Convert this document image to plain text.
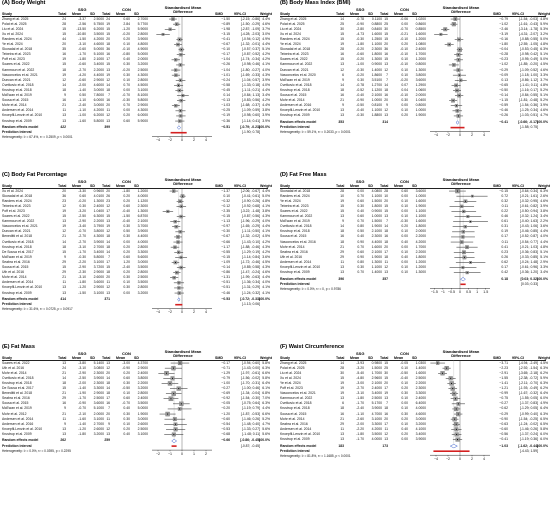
(A) Body Weight
SSG	CON	Standardised Mean Difference
Study	Total Mean SD Total Mean SD	SMD	95%-CI	Weight
Zhang et al. 2025	24	-3.37	2.5000 24	0.60	2.7000	−1.50	[-2.15; -0.86] 4.4%
Polat et al. 2025	28	-2.56	5.7500 19	2.84	5.7700	−0.89	[-1.50; -0.29] 4.6%
Liu et al. 2024	15	-13.50	6.2000 15	-1.20	5.9000	−1.98	[-2.87; -1.09] 3.7%
Xu et al. 2024	15	-10.80	3.5000 15	-0.20	2.8000	−3.15	[-4.28; -2.03] 3.0%
Randers et al. 2024	44	-1.50	4.2000 20	0.20	3.9000	−0.41	[-0.94; 0.12] 4.9%
Ye et al. 2024	20	-3.10	4.6000 18	0.10	4.8000	−0.67	[-1.32; -0.01] 4.4%
Skoradal et al. 2018	35	-0.60	5.0000 36	-0.10	4.9000	−0.10	[-0.57; 0.37] 5.1%
Teixeira et al. 2023	16	-1.70	5.1000 16	-0.80	5.0000	−0.17	[-0.87; 0.52] 4.2%
Poff et al. 2023	19	-1.80	2.1000 17	0.40	2.0000	−1.04	[-1.74; -0.34] 4.2%
Soares et al. 2022	15	-0.60	3.4000 15	0.30	3.2000	−0.26	[-0.98; 0.46] 4.1%
Kammoun et al. 2022	18	-2.70	2.2000 13	-0.20	2.5000	−1.04	[-1.80; -0.27] 4.0%
Vasconcelos et al. 2021	19	-4.20	4.4000 19	0.30	4.3000	−1.01	[-1.69; -0.33] 4.3%
Duncan et al. 2021	12	-0.60	2.9000 12	0.10	2.8000	−0.24	[-1.04; 0.57] 3.9%
Cvetkovic et al. 2018	14	-2.00	4.6000 14	0.70	4.5000	−0.58	[-1.33; 0.18] 4.0%
Krustrup et al. 2018	18	-1.40	3.0000 18	0.00	3.1000	−0.45	[-1.11; 0.21] 4.4%
McEwan et al. 2019	9	0.50	7.8000	7	-0.70	8.1000	0.14	[-0.84; 1.13] 3.4%
Sousa et al. 2015	16	-1.10	6.0000 16	-0.30	5.8000	−0.13	[-0.83; 0.56] 4.2%
Mohr et al. 2014	21	-2.40	3.0000 20	0.70	2.9000	−1.03	[-1.68; -0.37] 4.4%
Andersen et al. 2014	11	-1.10	4.2000 11	0.00	4.3000	−0.25	[-1.09; 0.59] 3.8%
Knoepfli-Lenzin et al. 2010	13	-1.00	6.2000 12	0.20	6.0000	−0.19	[-0.98; 0.60] 3.9%
Krustrup et al. 2009	13	-1.60	5.8000 13	0.60	5.9000	−0.36	[-1.14; 0.41] 3.9%
Random effects model	422	399	−0.51	[-0.79; -0.23]
100.0%
Prediction interval	[-1.90; 0.78]
−4	−2	0	2	4
Heterogeneity: I² = 67.4%, τ² = 0.2509, p < 0.0001
(B) Body Mass Index (BMI)
SSG	CON	Standardised Mean Difference
Study	Total Mean SD Total Mean SD	SMD	95%-CI	Weight
Zhang et al. 2025	14	-0.78	0.1100 15	-0.06	1.0200	−0.79	[-1.54; -0.03] 4.8%
Polat et al. 2025	25	-0.90	0.8800 25	0.00	0.8600	−1.02	[-1.61; -0.43] 5.9%
Liu et al. 2024	30	-2.80	0.8400 30	-0.70	0.8500	−2.46	[-3.14; -1.78] 5.3%
Xu et al. 2024	15	-4.73	1.6000 15	-0.21	1.6000	−3.19	[-4.31; -2.07] 3.2%
Randers et al. 2024	15	-0.30	1.2500 15	-0.10	1.2000	−0.16	[-0.88; 0.55] 5.0%
Ye et al. 2024	19	-1.80	1.1000 20	0.20	1.0800	−1.80	[-2.55; -1.05] 4.8%
Skoradal et al. 2018	28	-0.20	2.3000 36	-0.10	2.4000	−0.04	[-0.53; 0.45] 6.3%
Teixeira et al. 2023	16	-0.60	1.8000 16	-0.10	1.7000	−0.28	[-0.98; 0.42] 5.1%
Soares et al. 2022	15	-0.20	1.3000 15	0.10	1.2000	−0.23	[-0.95; 0.49] 5.0%
Kammoun et al. 2022	13	-1.00	0.9000 13	-0.10	0.8000	−1.02	[-1.85; -0.20] 4.5%
Duncan et al. 2021	12	-0.30	1.4000 12	0.10	1.3000	−0.29	[-1.09; 0.52] 4.6%
Vasconcelos et al. 2020	6	-0.20	1.8600	7	0.10	3.8000	−0.09	[-1.18; 1.00] 3.3%
McEwan et al. 2019	9	0.30	3.5100	7	-0.20	3.6000	0.13	[-0.86; 1.12] 3.7%
Cvetkovic et al. 2018	14	-0.78	1.2700 14	0.07	1.2900	−0.65	[-1.41; 0.11] 4.8%
Krustrup et al. 2018	18	-0.52	1.1200 18	0.04	1.0600	−0.50	[-1.16; 0.17] 5.2%
Sousa et al. 2015	16	-0.40	2.1000 16	-0.10	2.0000	−0.14	[-0.84; 0.55] 5.1%
Mohr et al. 2014	21	-0.90	1.0000 20	0.30	1.0400	−1.15	[-1.81; -0.48] 5.2%
Andersen et al. 2016	9	-0.50	0.8100	9	0.00	0.8000	−0.59	[-1.54; 0.36] 3.9%
Knoepfli-Lenzin et al. 2010	13	-0.40	1.1000 12	0.10	1.0000	−0.46	[-1.25; 0.34] 4.6%
Krustrup et al. 2009	13	-0.30	1.8800 13	0.20	1.9000	−0.26	[-1.03; 0.51] 4.7%
Random effects model	353	314	−0.41	[-0.66; -0.17]
100.0%
Prediction interval	[-1.58; 0.75]
−4	−2	0	2	4
Heterogeneity: I² = 59.1%, τ² = 0.2033, p = 0.0001
(C) Body Fat Percentage
SSG	CON	Standardised Mean Difference
Study	Total Mean SD Total Mean SD	SMD	95%-CI	Weight
Xu et al. 2024	20	-3.30	0.9600 20	-1.80	1.2000	−1.37	[-2.06; -0.67] 4.4%
Skoradal et al. 2018	36	0.60	4.0100 26	0.20	4.0000	0.10	[-0.41; 0.61] 5.0%
Randers et al. 2024	23	-0.20	1.3000 23	0.20	1.1200	−0.32	[-0.90; 0.26] 4.8%
Teixeira et al. 2023	12	0.30	2.4000 12	0.60	2.3000	−0.12	[-0.92; 0.68] 4.1%
Poff et al. 2023	19	-3.20	1.0400 17	-0.40	1.3000	−2.35	[-3.22; -1.48] 3.8%
Soares et al. 2022	15	-2.50	6.3000 15	-1.50	6.8700	−0.15	[-0.87; 0.56] 4.3%
Kammoun et al. 2022	13	-2.90	2.2000 13	-0.40	2.1000	−1.13	[-1.96; -0.29] 4.0%
Vasconcelos et al. 2021	19	-3.40	3.7900 19	0.30	3.7000	−0.97	[-1.65; -0.29] 4.4%
Duncan et al. 2021	12	-0.70	3.8000 12	0.50	3.9000	−0.30	[-1.11; 0.50] 4.1%
Beneditti et al. 2018	21	-2.70	4.3000 18	0.30	4.4000	−0.67	[-1.32; -0.02] 4.5%
Cvetkovic et al. 2018	14	-2.70	3.9000 14	0.00	4.0000	−0.66	[-1.43; 0.10] 4.2%
Krustrup et al. 2018	18	-3.10	2.7000 18	0.20	2.8000	−1.17	[-1.88; -0.46] 4.3%
De Sousa et al. 2017	15	-1.70	3.4000 14	0.20	3.3000	−0.55	[-1.29; 0.19] 4.2%
McEwan et al. 2019	9	-0.30	5.8000	7	0.60	5.6000	−0.15	[-1.14; 0.84] 3.6%
Seabra et al. 2016	29	-2.20	3.1000 17	1.20	3.0000	−1.09	[-1.72; -0.46] 4.5%
Sousa et al. 2015	15	-2.90	3.7200 15	-2.40	3.5000	−0.14	[-0.85; 0.58] 4.3%
Uth et al. 2016	29	-2.30	2.9000 18	0.20	2.8000	−0.86	[-1.47; -0.24] 4.6%
Mohr et al. 2014	21	-3.10	2.6000 20	0.30	2.5000	−1.31	[-1.99; -0.63] 4.4%
Andersen et al. 2014	11	-1.80	3.6000 11	0.10	3.5000	−0.51	[-1.36; 0.34] 4.0%
Knoepfli-Lenzin et al. 2010	13	-1.20	2.9000 12	0.30	2.8000	−0.51	[-1.31; 0.29] 4.1%
Krustrup et al. 2009	13	-1.50	3.1000 13	0.00	3.2000	−0.46	[-1.24; 0.32] 4.1%
Random effects model	414	371	−0.53	[-0.72; -0.33]
100.0%
Prediction interval	[-1.13; 0.06]
−4	−2	0	2	4
Heterogeneity: I² = 31.6%, τ² = 0.0725, p = 0.0917
(D) Fat Free Mass
SSG	CON	Standardised Mean Difference
Study	Total Mean SD Total Mean SD	SMD	95%-CI	Weight
Skoradal et al. 2018	28	0.00	4.0800 28	0.60	3.6000	−0.15	[-0.64; 0.34] 6.3%
Randers et al. 2024	10	0.70	1.1000 10	0.00	1.0000	0.72	[-0.21; 1.61] 2.6%
Ye et al. 2024	19	0.60	1.5000 20	0.10	1.6000	0.32	[-0.32; 0.95] 4.6%
Teixeira et al. 2023	15	0.30	1.8000 15	0.10	1.9000	0.11	[-0.61; 0.82] 3.9%
Soares et al. 2022	15	0.40	0.9000 15	0.00	1.1000	0.22	[-0.50; 0.94] 3.8%
Kammoun et al. 2022	13	0.60	1.0000 13	0.10	1.1000	0.46	[-0.32; 1.24] 3.4%
McEwan et al. 2019	9	0.70	1.5000	7	-0.30	1.6000	0.61	[-0.40; 1.63] 2.2%
Cvetkovic et al. 2018	14	0.80	1.9000 14	0.20	1.8000	0.31	[-0.43; 1.06] 3.6%
Krustrup et al. 2018	18	0.50	2.1000 18	0.10	2.0000	0.19	[-0.46; 0.85] 4.4%
Sousa et al. 2015	16	0.40	2.3000 16	0.00	2.2000	0.17	[-0.52; 0.87] 4.0%
Vasconcelos et al. 2016	18	0.90	4.4000 18	0.40	4.2000	0.11	[-0.54; 0.77] 4.4%
Mohr et al. 2014	21	0.70	1.6000 20	0.00	1.7000	0.41	[-0.21; 1.03] 4.8%
Seabra et al. 2016	29	0.60	2.1000 17	0.10	2.2000	0.23	[-0.36; 0.83] 5.1%
Uth et al. 2016	29	0.90	1.9000 18	0.40	1.8000	0.26	[-0.33; 0.85] 5.1%
Andersen et al. 2014	11	0.80	1.3000 11	0.00	1.2000	0.62	[-0.24; 1.48] 2.9%
Knoepfli-Lenzin et al. 2010	13	0.30	1.1000 12	0.10	1.2000	0.17	[-0.61; 0.96] 3.3%
Krustrup et al. 2009	13	0.70	1.4000 13	0.10	1.3000	0.42	[-0.36; 1.20] 3.4%
Random effects model	396	357	0.18	[0.03; 0.32]
100.0%
Prediction interval	[0.03; 0.33]
−1.5 −1 −0.5	0	0.5	1	1.5
Heterogeneity: I² = 0.0%, τ² = 0, p = 0.9786
(E) Fat Mass
SSG	CON	Standardised Mean Difference
Study	Total Mean SD Total Mean SD	SMD	95%-CI	Weight
Soares et al. 2022	13	-3.80	5.1400 13	-3.00	4.3700	−0.17	[-0.94; 0.60] 5.8%
Uth et al. 2016	24	-3.10	3.0800 12	-0.90	2.9000	−0.71	[-1.43; 0.00] 6.3%
Mohr et al. 2014	21	-2.90	2.3000 20	0.20	2.4000	−1.29	[-1.97; -0.61] 6.6%
Cvetkovic et al. 2018	14	-2.50	3.9000 14	0.60	3.8000	−0.79	[-1.56; -0.02] 5.8%
Krustrup et al. 2018	18	-2.00	2.3000 18	0.30	2.2000	−1.00	[-1.70; -0.31] 6.4%
De Sousa et al. 2017	15	-1.40	3.3000 14	-0.50	3.2000	−0.27	[-1.00; 0.46] 6.1%
Beneditti et al. 2018	21	-1.90	2.9000 18	0.10	2.8000	−0.69	[-1.34; -0.04] 6.8%
Seabra et al. 2016	29	-1.70	2.5000 17	0.60	2.4000	−0.92	[-1.54; -0.30] 7.0%
Sousa et al. 2015	16	-0.90	3.6000 16	-0.70	3.5000	−0.05	[-0.75; 0.64] 6.3%
McEwan et al. 2019	9	-0.70	5.1000	7	0.40	5.0000	−0.20	[-1.19; 0.79] 4.4%
Mohr et al. 2012	21	-2.10	2.0000 20	0.30	1.9000	−1.20	[-1.87; -0.53] 6.6%
Andersen et al. 2014	11	-1.60	3.1000 11	0.30	3.0000	−0.60	[-1.46; 0.26] 5.2%
Andersen et al. 2016	9	-1.40	2.7000	9	0.10	2.6000	−0.54	[-1.48; 0.40] 4.7%
Knoepfli-Lenzin et al. 2010	13	-1.20	2.6000 12	0.20	2.5000	−0.53	[-1.33; 0.27] 5.6%
Krustrup et al. 2009	13	-1.80	3.2000 13	0.40	3.1000	−0.68	[-1.48; 0.11] 5.6%
Random effects model	262	259	−0.66	[-0.86; -0.45]
100.0%
Prediction interval	[-0.87; -0.45]
−2	−1	0	1	2
Heterogeneity: I² = 0.0%, τ² = 0.0395, p = 0.2295
(F) Waist Circumference
SSG	CON	Standardised Mean Difference
Study	Total Mean SD Total Mean SD	SMD	95%-CI	Weight
Zhang et al. 2025	14	-3.93	0.9800 15	-0.05	1.0300	−3.71	[-4.94; -2.49] 4.5%
Polat et al. 2025	28	-3.20	1.5000 25	0.10	1.4000	−2.23	[-2.92; -1.54] 6.3%
Liu et al. 2024	30	-5.40	1.7000 30	-0.50	1.6000	−2.91	[-3.65; -2.18] 6.2%
Xu et al. 2024	15	-4.80	2.9600 15	-0.40	2.5000	−1.55	[-2.38; -0.72] 5.9%
Ye et al. 2024	19	-3.00	2.1000 20	0.10	2.2000	−1.41	[-2.11; -0.70] 6.3%
Poff et al. 2023	19	-2.70	2.4000 17	0.20	2.3000	−1.21	[-1.93; -0.49] 6.2%
Vasconcelos et al. 2021	19	-3.10	3.4000 19	0.30	3.3000	−0.99	[-1.67; -0.32] 6.4%
Kammoun et al. 2022	13	-1.80	2.5000 13	0.10	2.4000	−0.75	[-1.55; 0.05] 6.0%
Cvetkovic et al. 2018	6	-1.70	5.1700	7	0.00	6.4000	−0.27	[-1.37; 0.83] 4.9%
Krustrup et al. 2018	18	-2.40	3.9000 18	0.10	4.0000	−0.62	[-1.29; 0.05] 6.4%
Sousa et al. 2015	16	-1.10	4.7000 16	0.30	4.6000	−0.29	[-0.99; 0.40] 6.3%
Mohr et al. 2014	21	-2.60	3.1000 20	0.20	3.0000	−0.90	[-1.54; -0.25] 6.5%
Seabra et al. 2016	29	-2.00	3.3000 17	0.10	3.2000	−0.63	[-1.24; -0.02] 6.5%
Andersen et al. 2014	11	-2.20	4.2000 11	0.40	4.1000	−0.60	[-1.46; 0.26] 5.8%
Knoepfli-Lenzin et al. 2010	13	-1.80	3.5000 12	0.20	3.4000	−0.56	[-1.37; 0.24] 6.0%
Krustrup et al. 2009	13	-1.70	4.0000 13	0.00	3.9000	−0.41	[-1.19; 0.36] 6.0%
Random effects model	183	173	−1.03	[-1.62; -0.44]
100.0%
Prediction interval	[-4.43; 1.59]
−4	−2	0	2	4
Heterogeneity: I² = 81.8%, τ² = 1.1685, p < 0.0001
